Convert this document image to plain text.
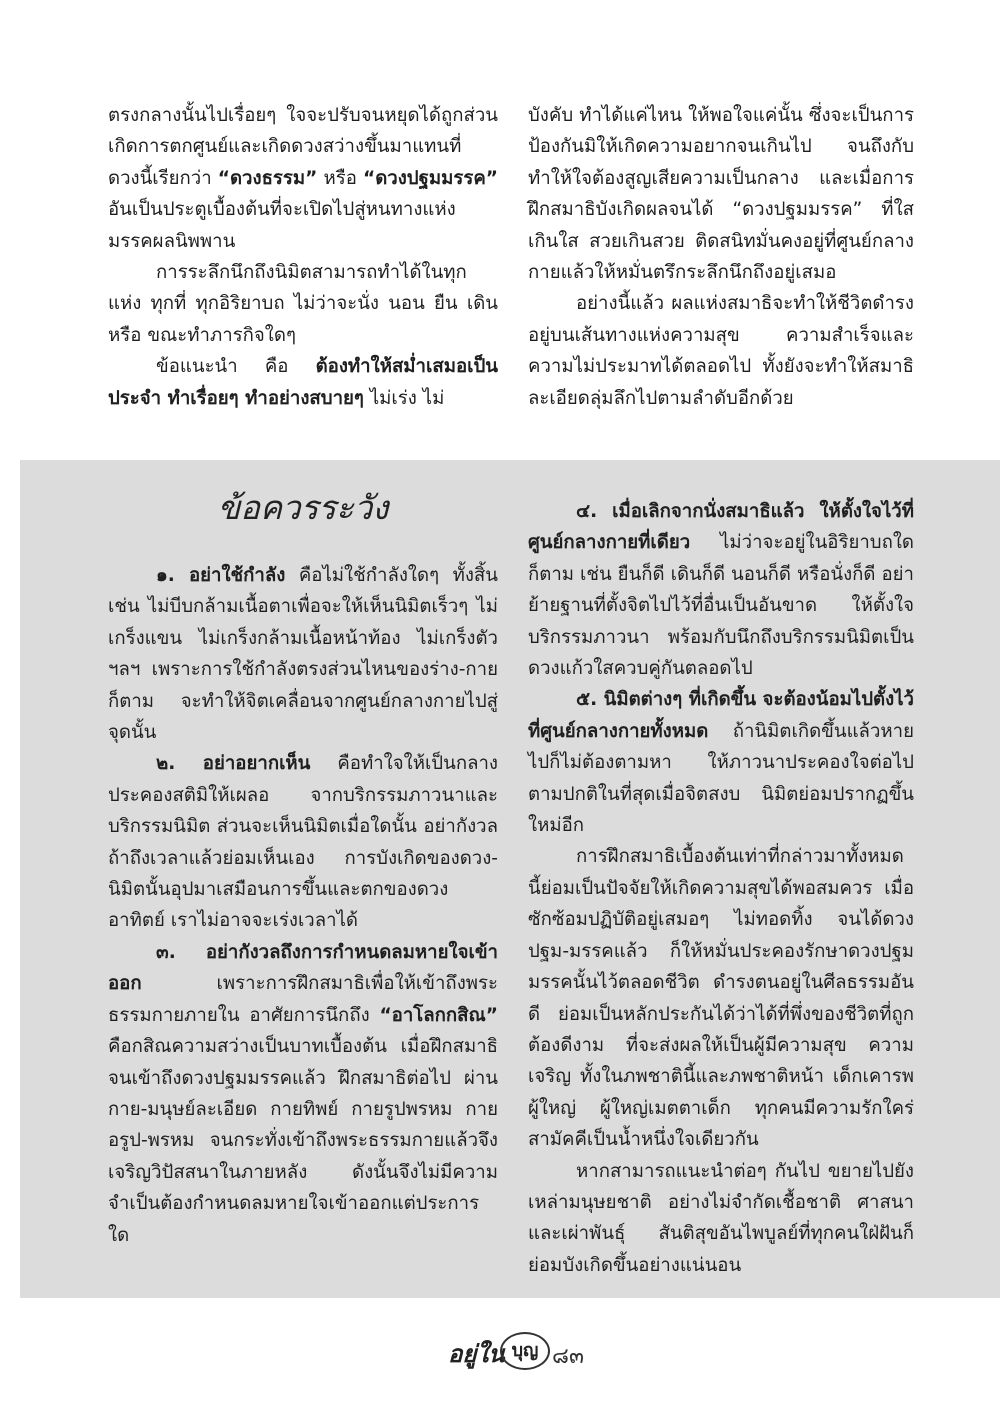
ตรงกลางนั้นไปเรื่อยๆ ใจจะปรับจนหยุดได้ถูกส่วน เกิดการตกศูนย์และเกิดดวงสว่างขึ้นมาแทนที่ ดวงนี้เรียกว่า “ดวงธรรม” หรือ “ดวงปฐมมรรค” อันเป็นประตูเบื้องต้นที่จะเปิดไปสู่หนทางแห่งมรรคผลนิพพาน

การระลึกนึกถึงนิมิตสามารถทำได้ในทุกแห่ง ทุกที่ ทุกอิริยาบถ ไม่ว่าจะนั่ง นอน ยืน เดิน หรือ ขณะทำภารกิจใดๆ

ข้อแนะนำ คือ ต้องทำให้สม่ำเสมอเป็นประจำ ทำเรื่อยๆ ทำอย่างสบายๆ ไม่เร่ง ไม่

บังคับ ทำได้แค่ไหน ให้พอใจแค่นั้น ซึ่งจะเป็นการป้องกันมิให้เกิดความอยากจนเกินไป จนถึงกับทำให้ใจต้องสูญเสียความเป็นกลาง และเมื่อการฝึกสมาธิบังเกิดผลจนได้ “ดวงปฐมมรรค” ที่ใสเกินใส สวยเกินสวย ติดสนิทมั่นคงอยู่ที่ศูนย์กลางกายแล้วให้หมั่นตรึกระลึกนึกถึงอยู่เสมอ

อย่างนี้แล้ว ผลแห่งสมาธิจะทำให้ชีวิตดำรงอยู่บนเส้นทางแห่งความสุข ความสำเร็จและความไม่ประมาทได้ตลอดไป ทั้งยังจะทำให้สมาธิละเอียดลุ่มลึกไปตามลำดับอีกด้วย

ข้อควรระวัง

๑. อย่าใช้กำลัง คือไม่ใช้กำลังใดๆ ทั้งสิ้น เช่น ไม่บีบกล้ามเนื้อตาเพื่อจะให้เห็นนิมิตเร็วๆ ไม่เกร็งแขน ไม่เกร็งกล้ามเนื้อหน้าท้อง ไม่เกร็งตัว ฯลฯ เพราะการใช้กำลังตรงส่วนไหนของร่าง-กายก็ตาม จะทำให้จิตเคลื่อนจากศูนย์กลางกายไปสู่จุดนั้น

๒. อย่าอยากเห็น คือทำใจให้เป็นกลาง ประคองสติมิให้เผลอ จากบริกรรมภาวนาและบริกรรมนิมิต ส่วนจะเห็นนิมิตเมื่อใดนั้น อย่ากังวล ถ้าถึงเวลาแล้วย่อมเห็นเอง การบังเกิดของดวง-นิมิตนั้นอุปมาเสมือนการขึ้นและตกของดวงอาทิตย์ เราไม่อาจจะเร่งเวลาได้

๓. อย่ากังวลถึงการกำหนดลมหายใจเข้าออก เพราะการฝึกสมาธิเพื่อให้เข้าถึงพระธรรมกายภายใน อาศัยการนึกถึง “อาโลกกสิณ” คือกสิณความสว่างเป็นบาทเบื้องต้น เมื่อฝึกสมาธิจนเข้าถึงดวงปฐมมรรคแล้ว ฝึกสมาธิต่อไป ผ่านกาย-มนุษย์ละเอียด กายทิพย์ กายรูปพรหม กายอรูป-พรหม จนกระทั่งเข้าถึงพระธรรมกายแล้วจึงเจริญวิปัสสนาในภายหลัง ดังนั้นจึงไม่มีความจำเป็นต้องกำหนดลมหายใจเข้าออกแต่ประการใด

๔. เมื่อเลิกจากนั่งสมาธิแล้ว ให้ตั้งใจไว้ที่ศูนย์กลางกายที่เดียว ไม่ว่าจะอยู่ในอิริยาบถใดก็ตาม เช่น ยืนก็ดี เดินก็ดี นอนก็ดี หรือนั่งก็ดี อย่าย้ายฐานที่ตั้งจิตไปไว้ที่อื่นเป็นอันขาด ให้ตั้งใจบริกรรมภาวนา พร้อมกับนึกถึงบริกรรมนิมิตเป็นดวงแก้วใสควบคู่กันตลอดไป

๕. นิมิตต่างๆ ที่เกิดขึ้น จะต้องน้อมไปตั้งไว้ที่ศูนย์กลางกายทั้งหมด ถ้านิมิตเกิดขึ้นแล้วหายไปก็ไม่ต้องตามหา ให้ภาวนาประคองใจต่อไปตามปกติในที่สุดเมื่อจิตสงบ นิมิตย่อมปรากฏขึ้นใหม่อีก

การฝึกสมาธิเบื้องต้นเท่าที่กล่าวมาทั้งหมดนี้ย่อมเป็นปัจจัยให้เกิดความสุขได้พอสมควร เมื่อซักซ้อมปฏิบัติอยู่เสมอๆ ไม่ทอดทิ้ง จนได้ดวงปฐม-มรรคแล้ว ก็ให้หมั่นประคองรักษาดวงปฐมมรรคนั้นไว้ตลอดชีวิต ดำรงตนอยู่ในศีลธรรมอันดี ย่อมเป็นหลักประกันได้ว่าได้ที่พึ่งของชีวิตที่ถูกต้องดีงาม ที่จะส่งผลให้เป็นผู้มีความสุข ความเจริญ ทั้งในภพชาตินี้และภพชาติหน้า เด็กเคารพผู้ใหญ่ ผู้ใหญ่เมตตาเด็ก ทุกคนมีความรักใคร่ สามัคคีเป็นน้ำหนึ่งใจเดียวกัน

หากสามารถแนะนำต่อๆ กันไป ขยายไปยังเหล่ามนุษยชาติ อย่างไม่จำกัดเชื้อชาติ ศาสนา และเผ่าพันธุ์ สันติสุขอันไพบูลย์ที่ทุกคนใฝ่ฝันก็ย่อมบังเกิดขึ้นอย่างแน่นอน

อยู่ใน บุญ ๘๓
